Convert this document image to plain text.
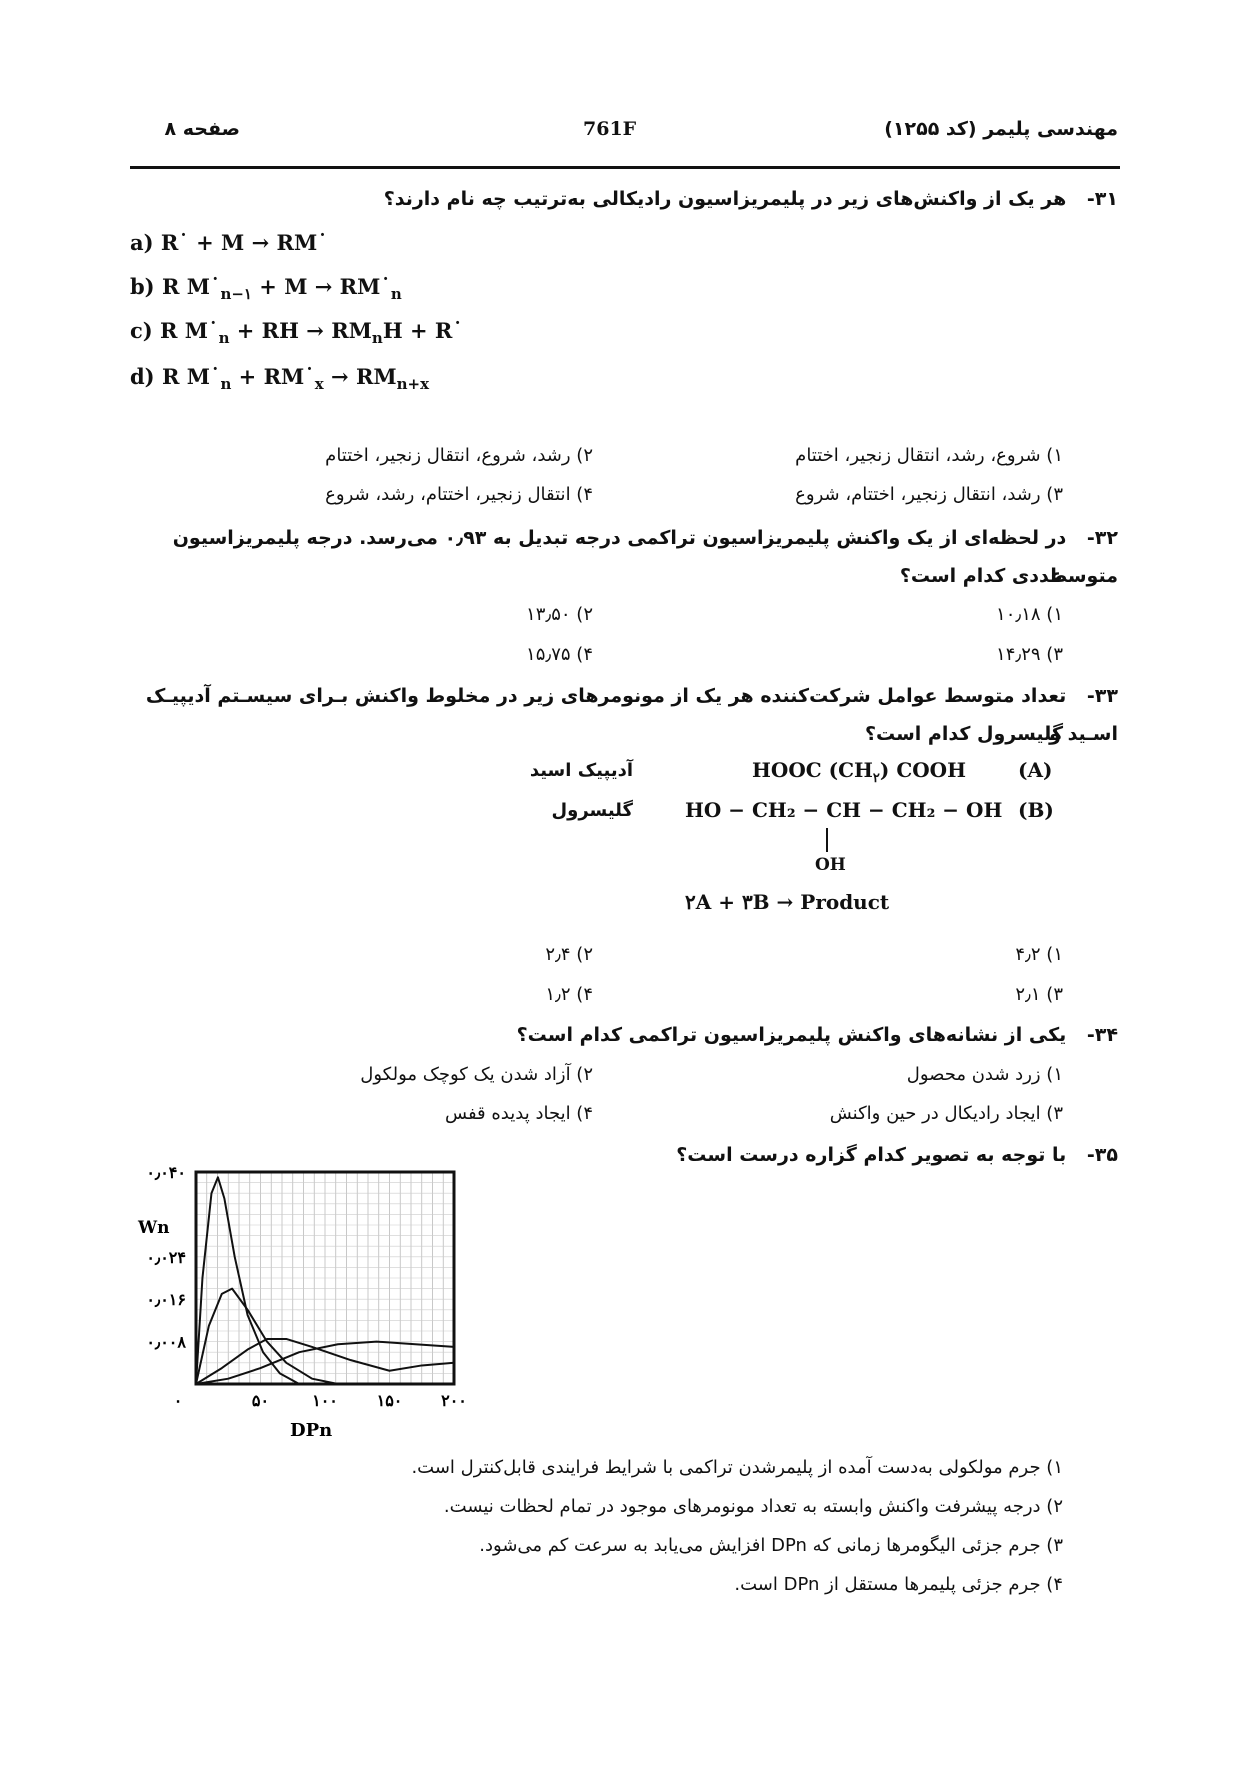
مهندسی پلیمر (کد ۱۲۵۵)
761F
صفحه ۸
۳۱- هر یک از واکنش‌های زیر در پلیمریزاسیون رادیکالی به‌ترتیب چه نام دارند؟
a) R˙ + M → RM˙
b) R $M˙_{n-۱} + M$ → $RM˙_n$
c) R $M˙_n$ + RH → $RM_nH$ + R˙
d) R $M˙_n$ + $RM˙_x \to RM_{n+x}$
۱) شروع، رشد، انتقال زنجیر، اختتام
۲) رشد، شروع، انتقال زنجیر، اختتام
۳) رشد، انتقال زنجیر، اختتام، شروع
۴) انتقال زنجیر، اختتام، رشد، شروع
۳۲- در لحظه‌ای از یک واکنش پلیمریزاسیون تراکمی درجه تبدیل به ۰٫۹۳ می‌رسد. درجه پلیمریزاسیون متوسط
عددی کدام است؟
۱) ۱۰٫۱۸
۲) ۱۳٫۵۰
۳) ۱۴٫۲۹
۴) ۱۵٫۷۵
۳۳- تعداد متوسط عوامل شرکت‌کننده هر یک از مونومرهای زیر در مخلوط واکنش بـرای سیسـتم آدیپیـک اسـید و
گلیسرول کدام است؟
آدیپیک اسید	HOOC $(CH_۲)$ COOH	(A)
گلیسرول	HO − CH₂ − CH − CH₂ − OH
OH
(B)
۲A + ۳B → Product
۱) ۴٫۲
۲) ۲٫۴
۳) ۲٫۱
۴) ۱٫۲
۳۴- یکی از نشانه‌های واکنش پلیمریزاسیون تراکمی کدام است؟
۱) زرد شدن محصول
۲) آزاد شدن یک کوچک مولکول
۳) ایجاد رادیکال در حین واکنش
۴) ایجاد پدیده قفس
۳۵- با توجه به تصویر کدام گزاره درست است؟
۰٫۰۴۰
۰٫۰۲۴
۰٫۰۱۶
۰٫۰۰۸
۰	۵۰	۱۰۰ ۱۵۰ ۲۰۰
Wn
DPn
۱) جرم مولکولی به‌دست آمده از پلیمرشدن تراکمی با شرایط فرایندی قابل‌کنترل است.
۲) درجه پیشرفت واکنش وابسته به تعداد مونومرهای موجود در تمام لحظات نیست.
۳) جرم جزئی الیگومرها زمانی که DPn افزایش می‌یابد به سرعت کم می‌شود.
۴) جرم جزئی پلیمرها مستقل از DPn است.
